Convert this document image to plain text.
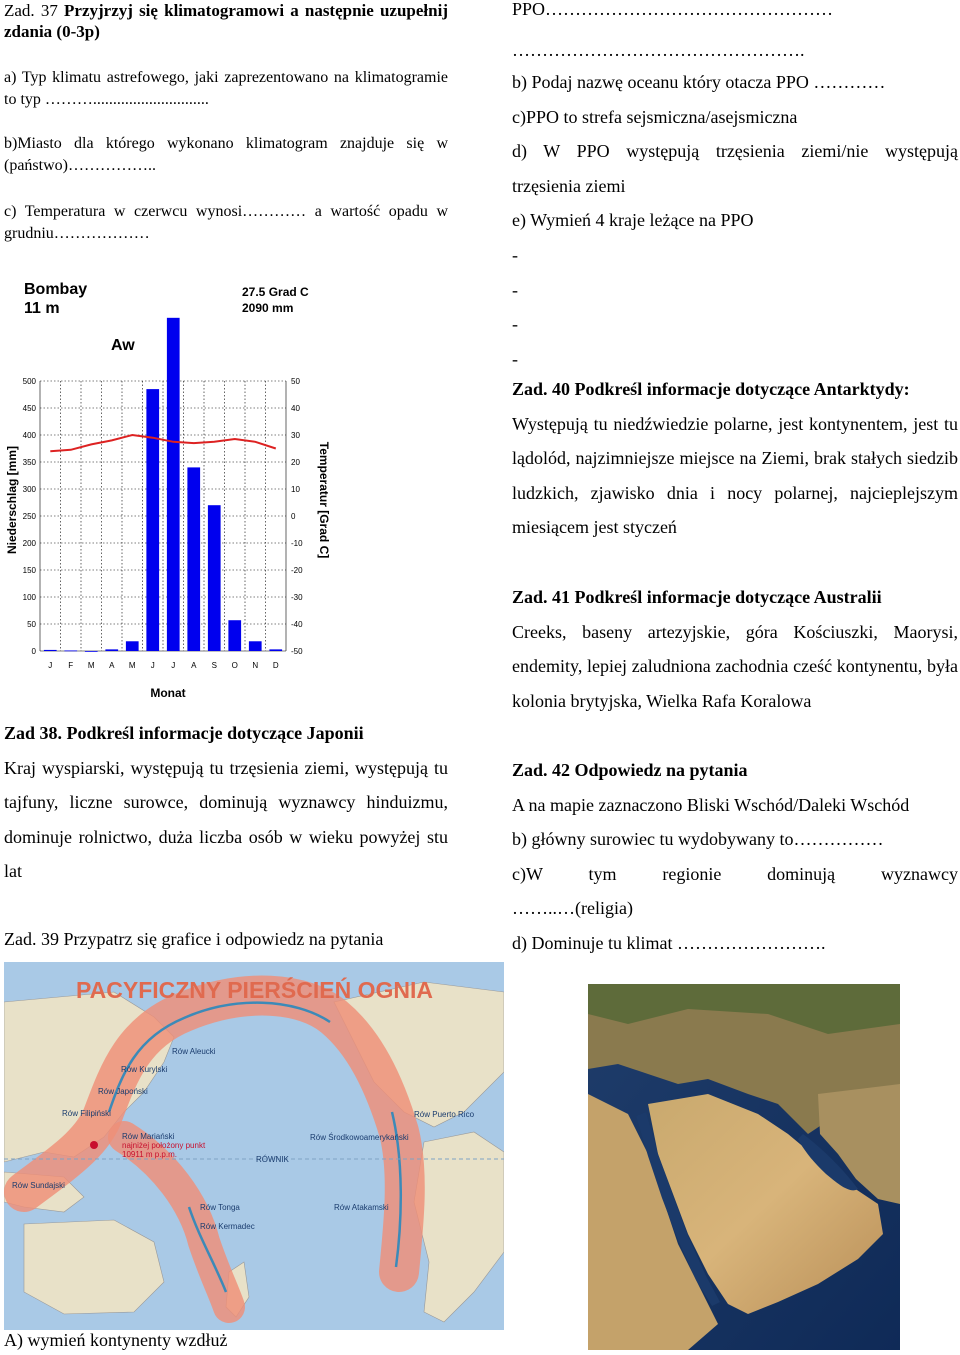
Zad. 37 Przyjrzyj się klimatogramowi a następnie uzupełnij zdania (0-3p)

a) Typ klimatu astrefowego, jaki zaprezentowano na klimatogramie to typ ……….............................

b)Miasto dla którego wykonano klimatogram znajduje się w (państwo)……………..

c) Temperatura w czerwcu wynosi………… a wartość opadu w grudniu………………

Bombay
11 m
27.5 Grad C
2090 mm
Aw
0	-50
50	-40
100	-30
150	-20
200	-10
250	0
300	10
350	20
400	30
450	40
500	50
J F M A M J J A S O N D
Niederschlag [mm]	Temperatur [Grad C]
Monat

Zad 38. Podkreśl informacje dotyczące Japonii

Kraj wyspiarski, występują tu trzęsienia ziemi, występują tu tajfuny, liczne surowce, dominują wyznawcy hinduizmu, dominuje rolnictwo, duża liczba osób w wieku powyżej stu lat

Zad. 39 Przypatrz się grafice i odpowiedz na pytania

PACYFICZNY PIERŚCIEŃ OGNIA
Rów Aleucki
Rów Kurylski
Rów Japoński
Rów Filipiński
Rów Mariański
najniżej położony punkt
10911 m p.p.m.
Rów Sundajski
Rów Tonga
Rów Kermadec
RÓWNIK
Rów Środkowoamerykański
Rów Puerto Rico
Rów Atakamski

A) wymień kontynenty wzdłuż

PPO…………………………………………

………………………………………….

b) Podaj nazwę oceanu który otacza PPO …………

c)PPO to strefa sejsmiczna/asejsmiczna

d) W PPO występują trzęsienia ziemi/nie występują trzęsienia ziemi

e) Wymień 4 kraje leżące na PPO

-

-

-

-

Zad. 40 Podkreśl informacje dotyczące Antarktydy:

Występują tu niedźwiedzie polarne, jest kontynentem, jest tu lądolód, najzimniejsze miejsce na Ziemi, brak stałych siedzib ludzkich, zjawisko dnia i nocy polarnej, najcieplejszym miesiącem jest styczeń

Zad. 41 Podkreśl informacje dotyczące Australii

Creeks, baseny artezyjskie, góra Kościuszki, Maorysi, endemity, lepiej zaludniona zachodnia cześć kontynentu, była kolonia brytyjska, Wielka Rafa Koralowa

Zad. 42 Odpowiedz na pytania

A na mapie zaznaczono Bliski Wschód/Daleki Wschód

b) główny surowiec tu wydobywany to……………

c)W tym regionie dominują wyznawcy

……..…(religia)

d) Dominuje tu klimat …………………….
